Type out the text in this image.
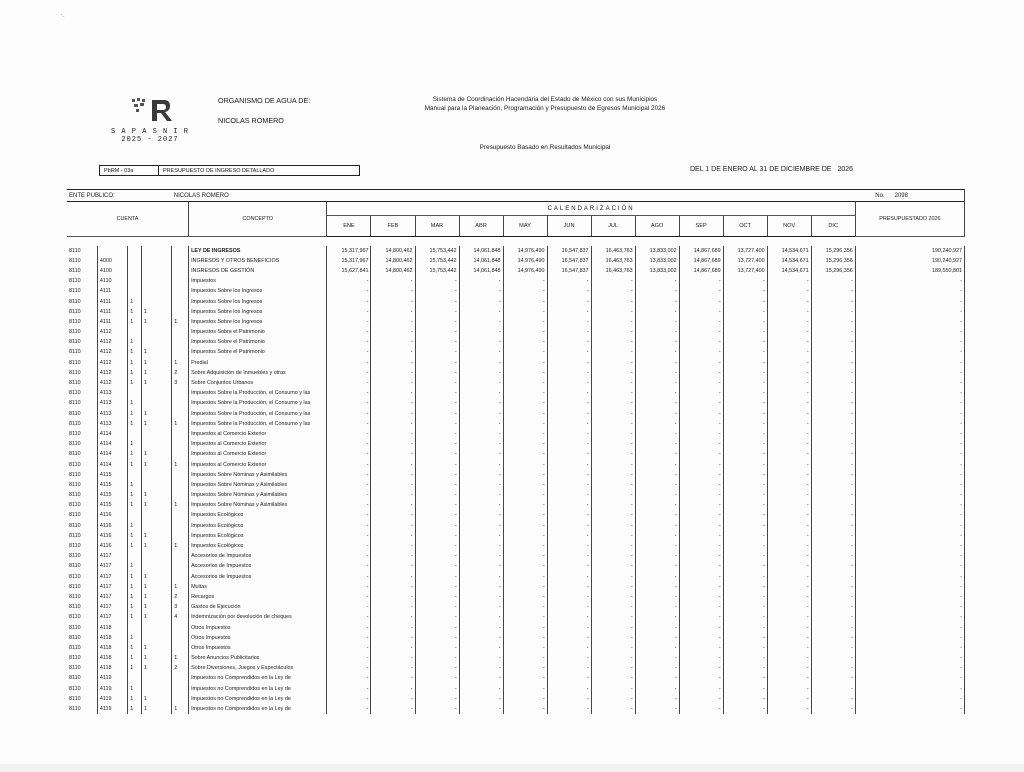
S A P A S N I R
2025 - 2027
ORGANISMO DE AGUA DE:
NICOLAS ROMERO
Sistema de Coordinación Hacendaria del Estado de México con sus Municipios
Manual para la Planeación, Programación y Presupuesto de Egresos Municipal 2026
Presupuesto Basado en Resultados Municipal
PbRM - 03a	PRESUPUESTO DE INGRESO DETALLADO	DEL 1 DE ENERO AL 31 DE DICIEMBRE DE 2026
ENTE PUBLICO:				NICOLAS ROMERO														No. 2098
CUENTA					CONCEPTO	CALENDARIZACIÓN												PRESUPUESTADO 2026
						ENE	FEB	MAR	ABR	MAY	JUN	JUL	AGO	SEP	OCT	NOV	DIC	

8110					LEY DE INGRESOS	15,317,967	14,800,462	15,753,442	14,061,848	14,976,490	16,547,837	16,463,763	13,833,002	14,867,689	13,727,400	14,534,671	15,296,356	190,240,927
8110	4000				INGRESOS Y OTROS BENEFICIOS	15,317,967	14,800,462	15,753,442	14,061,848	14,976,490	16,547,837	16,463,763	13,833,002	14,867,689	13,727,400	14,534,671	15,296,356	190,240,927
8110	4100				INGRESOS DE GESTIÓN	15,627,841	14,800,462	15,753,442	14,061,848	14,976,490	16,547,837	16,463,763	13,833,002	14,867,689	13,727,400	14,534,671	15,296,356	189,550,801
8110	4110				Impuestos	-	-	-	-	-	-	-	-	-	-	-	-	-
8110	4111				Impuestos Sobre los Ingresos	-	-	-	-	-	-	-	-	-	-	-	-	-
8110	4111	1			Impuestos Sobre los Ingresos	-	-	-	-	-	-	-	-	-	-	-	-	-
8110	4111	1	1		Impuestos Sobre los Ingresos	-	-	-	-	-	-	-	-	-	-	-	-	-
8110	4111	1	1	1	Impuestos Sobre los Ingresos	-	-	-	-	-	-	-	-	-	-	-	-	-
8110	4112				Impuestos Sobre el Patrimonio	-	-	-	-	-	-	-	-	-	-	-	-	-
8110	4112	1			Impuestos Sobre el Patrimonio	-	-	-	-	-	-	-	-	-	-	-	-	-
8110	4112	1	1		Impuestos Sobre el Patrimonio	-	-	-	-	-	-	-	-	-	-	-	-	-
8110	4112	1	1	1	Predial	-	-	-	-	-	-	-	-	-	-	-	-	-
8110	4112	1	1	2	Sobre Adquisición de Inmuebles y otras	-	-	-	-	-	-	-	-	-	-	-	-	-
8110	4112	1	1	3	Sobre Conjuntos Urbanos	-	-	-	-	-	-	-	-	-	-	-	-	-
8110	4113				Impuestos Sobre la Producción, el Consumo y las	-	-	-	-	-	-	-	-	-	-	-	-	-
8110	4113	1			Impuestos Sobre la Producción, el Consumo y las	-	-	-	-	-	-	-	-	-	-	-	-	-
8110	4113	1	1		Impuestos Sobre la Producción, el Consumo y las	-	-	-	-	-	-	-	-	-	-	-	-	-
8110	4113	1	1	1	Impuestos Sobre la Producción, el Consumo y las	-	-	-	-	-	-	-	-	-	-	-	-	-
8110	4114				Impuestos al Comercio Exterior	-	-	-	-	-	-	-	-	-	-	-	-	-
8110	4114	1			Impuestos al Comercio Exterior	-	-	-	-	-	-	-	-	-	-	-	-	-
8110	4114	1	1		Impuestos al Comercio Exterior	-	-	-	-	-	-	-	-	-	-	-	-	-
8110	4114	1	1	1	Impuestos al Comercio Exterior	-	-	-	-	-	-	-	-	-	-	-	-	-
8110	4115				Impuestos Sobre Nóminas y Asimilables	-	-	-	-	-	-	-	-	-	-	-	-	-
8110	4115	1			Impuestos Sobre Nóminas y Asimilables	-	-	-	-	-	-	-	-	-	-	-	-	-
8110	4115	1	1		Impuestos Sobre Nóminas y Asimilables	-	-	-	-	-	-	-	-	-	-	-	-	-
8110	4115	1	1	1	Impuestos Sobre Nóminas y Asimilables	-	-	-	-	-	-	-	-	-	-	-	-	-
8110	4116				Impuestos Ecológicos	-	-	-	-	-	-	-	-	-	-	-	-	-
8110	4116	1			Impuestos Ecológicos	-	-	-	-	-	-	-	-	-	-	-	-	-
8110	4116	1	1		Impuestos Ecológicos	-	-	-	-	-	-	-	-	-	-	-	-	-
8110	4116	1	1	1	Impuestos Ecológicos	-	-	-	-	-	-	-	-	-	-	-	-	-
8110	4117				Accesorios de Impuestos	-	-	-	-	-	-	-	-	-	-	-	-	-
8110	4117	1			Accesorios de Impuestos	-	-	-	-	-	-	-	-	-	-	-	-	-
8110	4117	1	1		Accesorios de Impuestos	-	-	-	-	-	-	-	-	-	-	-	-	-
8110	4117	1	1	1	Multas	-	-	-	-	-	-	-	-	-	-	-	-	-
8110	4117	1	1	2	Recargos	-	-	-	-	-	-	-	-	-	-	-	-	-
8110	4117	1	1	3	Gastos de Ejecución	-	-	-	-	-	-	-	-	-	-	-	-	-
8110	4117	1	1	4	Indemnización por devolución de cheques	-	-	-	-	-	-	-	-	-	-	-	-	-
8110	4118				Otros Impuestos	-	-	-	-	-	-	-	-	-	-	-	-	-
8110	4118	1			Otros Impuestos	-	-	-	-	-	-	-	-	-	-	-	-	-
8110	4118	1	1		Otros Impuestos	-	-	-	-	-	-	-	-	-	-	-	-	-
8110	4118	1	1	1	Sobre Anuncios Publicitarios	-	-	-	-	-	-	-	-	-	-	-	-	-
8110	4118	1	1	2	Sobre Diversiones, Juegos y Espectáculos	-	-	-	-	-	-	-	-	-	-	-	-	-
8110	4119				Impuestos no Comprendidos en la Ley de	-	-	-	-	-	-	-	-	-	-	-	-	-
8110	4119	1			Impuestos no Comprendidos en la Ley de	-	-	-	-	-	-	-	-	-	-	-	-	-
8110	4119	1	1		Impuestos no Comprendidos en la Ley de	-	-	-	-	-	-	-	-	-	-	-	-	-
8110	4119	1	1	1	Impuestos no Comprendidos en la Ley de	-	-	-	-	-	-	-	-	-	-	-	-	-
·.
